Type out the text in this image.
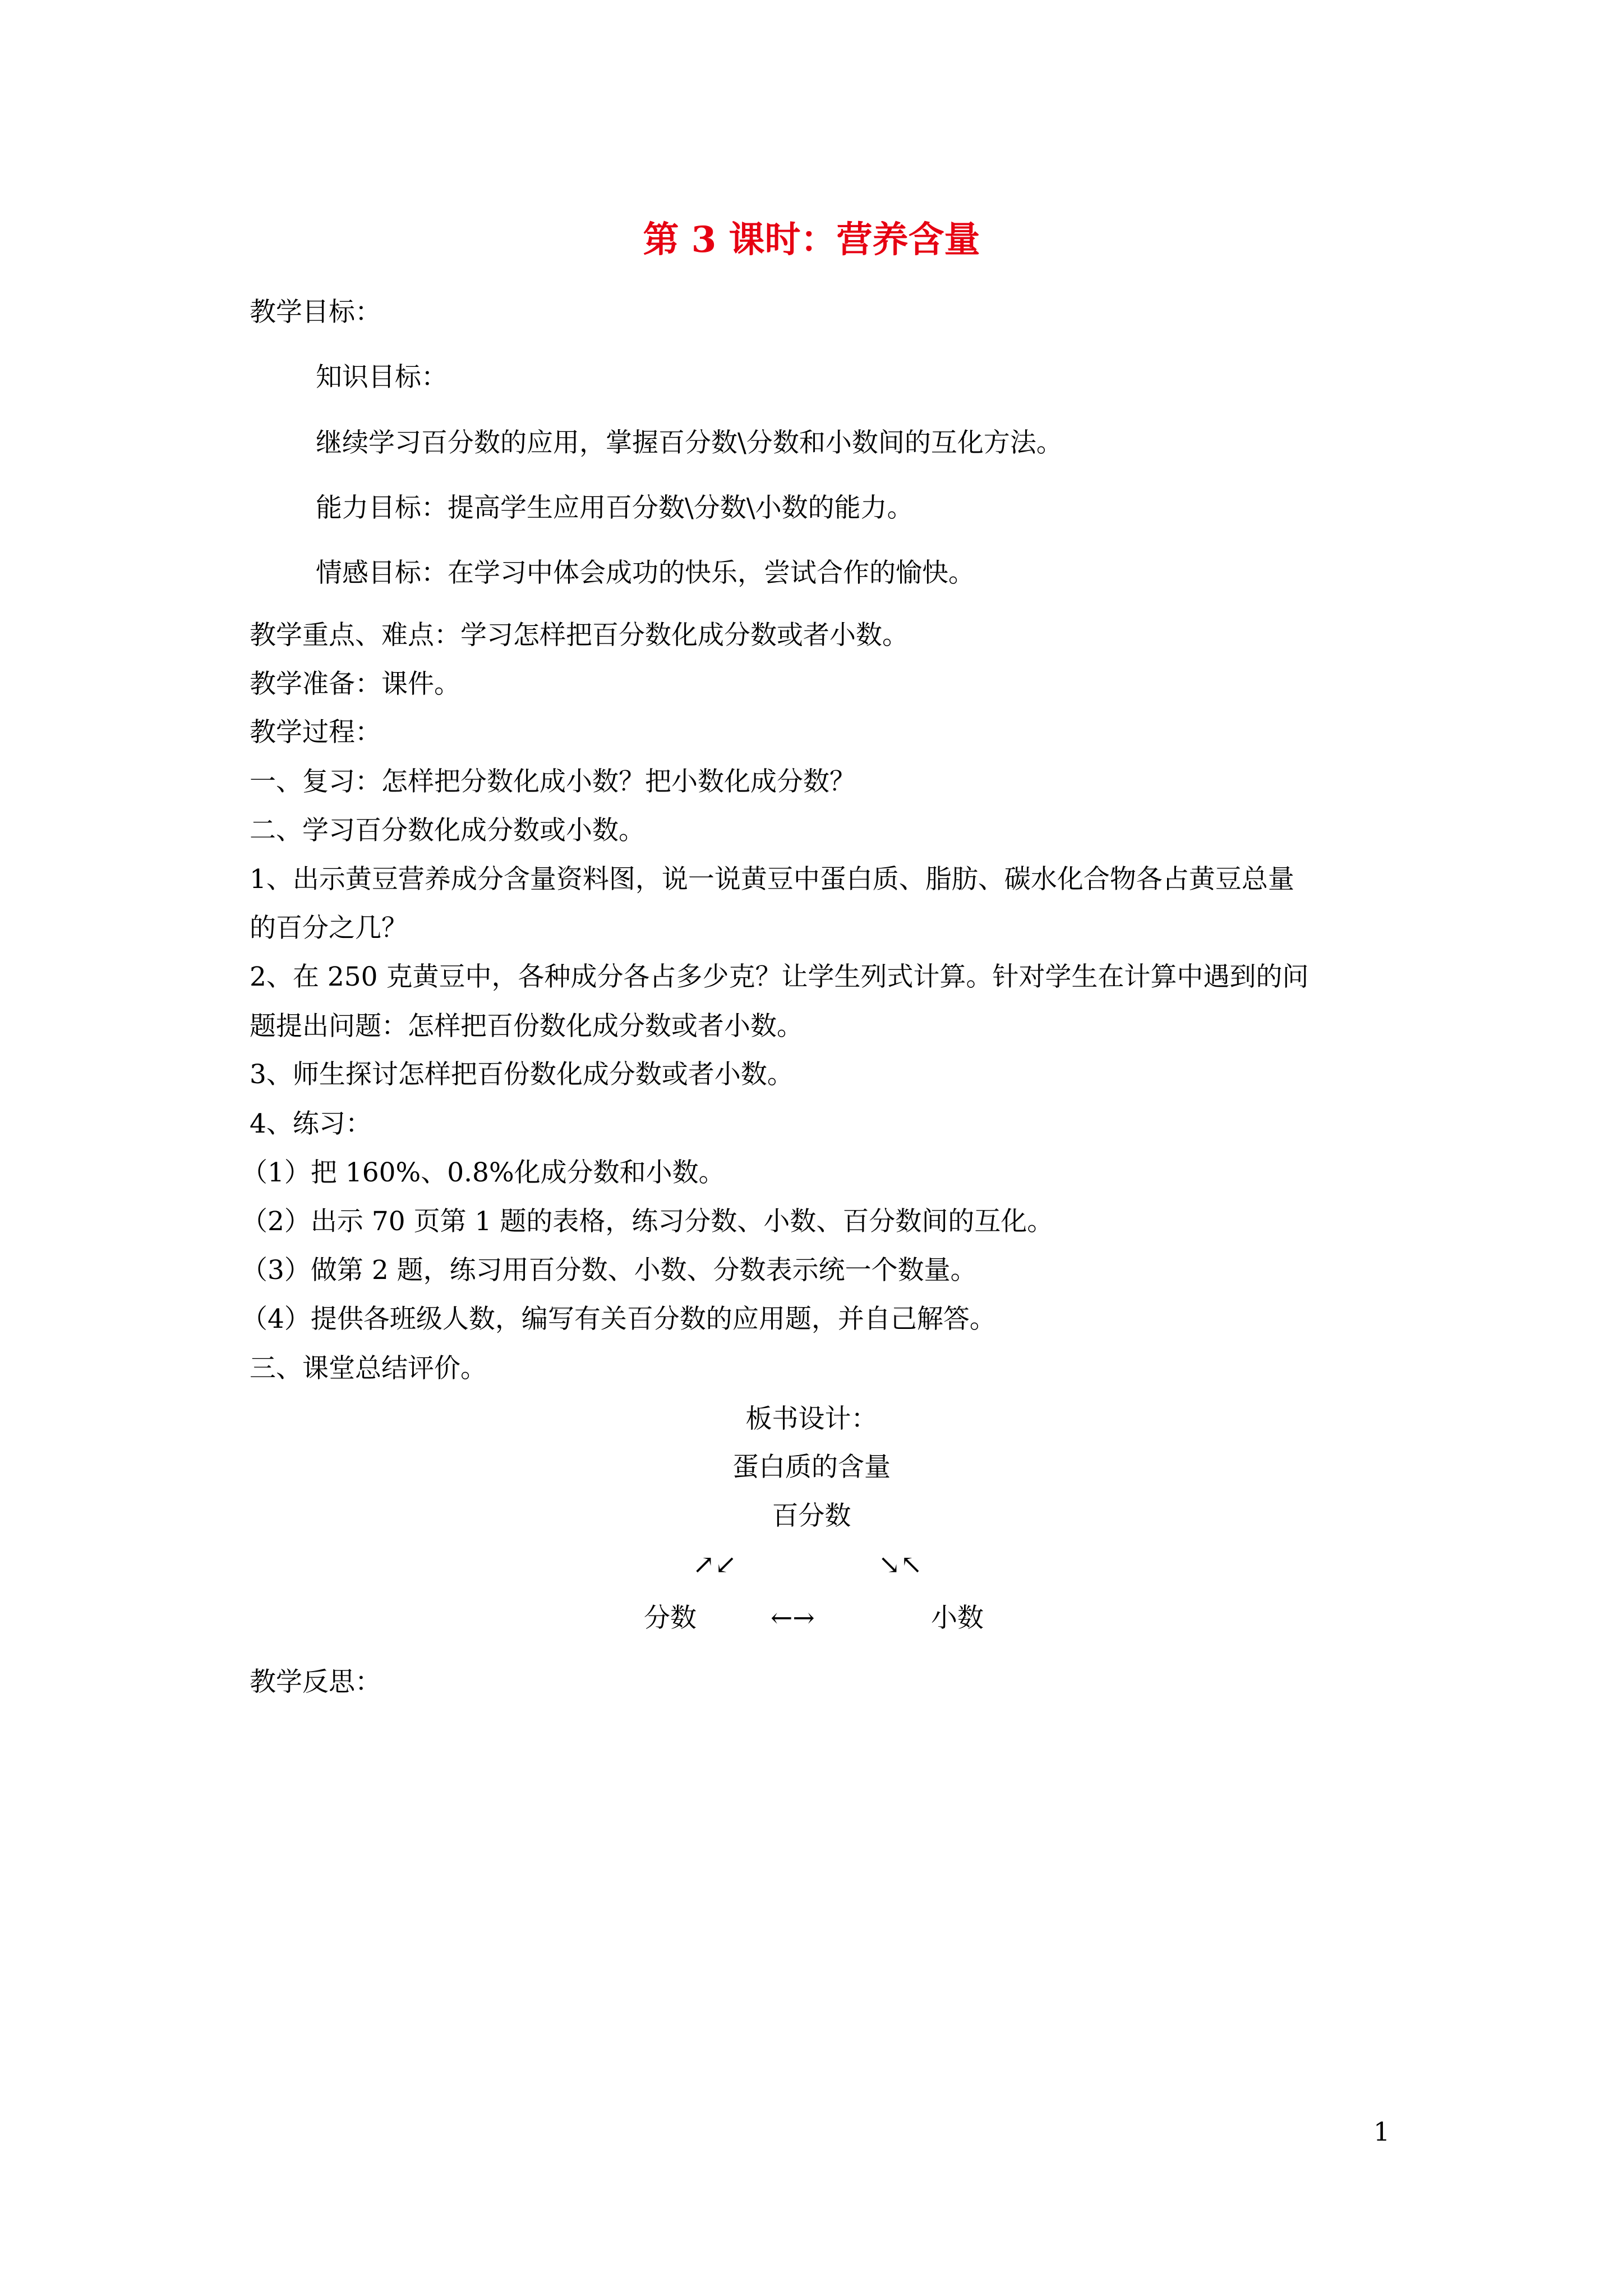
第 3 课时：营养含量

教学目标：

知识目标：

继续学习百分数的应用，掌握百分数\分数和小数间的互化方法。

能力目标：提高学生应用百分数\分数\小数的能力。

情感目标：在学习中体会成功的快乐，尝试合作的愉快。

教学重点、难点：学习怎样把百分数化成分数或者小数。

教学准备：课件。

教学过程：

一、复习：怎样把分数化成小数？把小数化成分数？

二、学习百分数化成分数或小数。

1、出示黄豆营养成分含量资料图，说一说黄豆中蛋白质、脂肪、碳水化合物各占黄豆总量

的百分之几？

2、在 250 克黄豆中，各种成分各占多少克？让学生列式计算。针对学生在计算中遇到的问

题提出问题：怎样把百份数化成分数或者小数。

3、师生探讨怎样把百份数化成分数或者小数。

4、练习：

（1）把 160%、0.8%化成分数和小数。

（2）出示 70 页第 1 题的表格，练习分数、小数、百分数间的互化。

（3）做第 2 题，练习用百分数、小数、分数表示统一个数量。

（4）提供各班级人数，编写有关百分数的应用题，并自己解答。

三、课堂总结评价。

板书设计：

蛋白质的含量

百分数

↗↙	↘↖

分数	←→	小数

教学反思：

1
